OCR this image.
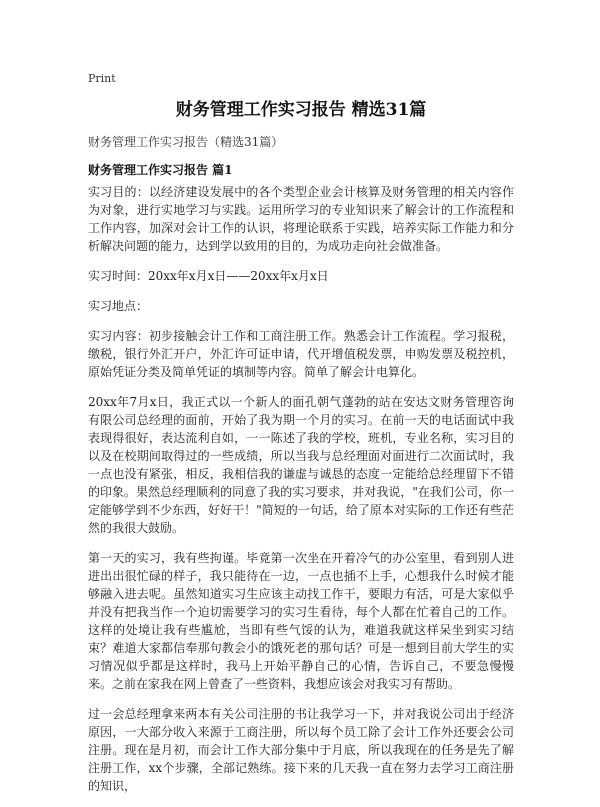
Print
财务管理工作实习报告 精选31篇
财务管理工作实习报告（精选31篇）
财务管理工作实习报告 篇1

实习目的：以经济建设发展中的各个类型企业会计核算及财务管理的相关内容作为对象，进行实地学习与实践。运用所学习的专业知识来了解会计的工作流程和工作内容，加深对会计工作的认识，将理论联系于实践，培养实际工作能力和分析解决问题的能力，达到学以致用的目的，为成功走向社会做准备。

实习时间：20xx年x月x日——20xx年x月x日

实习地点：

实习内容：初步接触会计工作和工商注册工作。熟悉会计工作流程。学习报税，缴税，银行外汇开户，外汇许可证申请，代开增值税发票，申购发票及税控机，原始凭证分类及简单凭证的填制等内容。简单了解会计电算化。

20xx年7月x日，我正式以一个新人的面孔朝气蓬勃的站在安达文财务管理咨询有限公司总经理的面前，开始了我为期一个月的实习。在前一天的电话面试中我表现得很好，表达流利自如，一一陈述了我的学校，班机，专业名称，实习目的以及在校期间取得过的一些成绩，所以当我与总经理面对面进行二次面试时，我一点也没有紧张，相反，我相信我的谦虚与诚恳的态度一定能给总经理留下不错的印象。果然总经理顺利的同意了我的实习要求，并对我说，"在我们公司，你一定能够学到不少东西，好好干！"简短的一句话，给了原本对实际的工作还有些茫然的我很大鼓励。

第一天的实习，我有些拘谨。毕竟第一次坐在开着冷气的办公室里，看到别人进进出出很忙碌的样子，我只能待在一边，一点也插不上手，心想我什么时候才能够融入进去呢。虽然知道实习生应该主动找工作干，要眼力有活，可是大家似乎并没有把我当作一个迫切需要学习的实习生看待，每个人都在忙着自己的工作。这样的处境让我有些尴尬，当即有些气馁的认为，难道我就这样呆坐到实习结束？难道大家都信奉那句教会小的饿死老的那句话？可是一想到目前大学生的实习情况似乎都是这样时，我马上开始平静自己的心情，告诉自己，不要急慢慢来。之前在家我在网上曾查了一些资料，我想应该会对我实习有帮助。

过一会总经理拿来两本有关公司注册的书让我学习一下，并对我说公司出于经济原因，一大部分收入来源于工商注册，所以每个员工除了会计工作外还要会公司注册。现在是月初，而会计工作大部分集中于月底，所以我现在的任务是先了解注册工作，xx个步骤，全部记熟练。接下来的几天我一直在努力去学习工商注册的知识，
